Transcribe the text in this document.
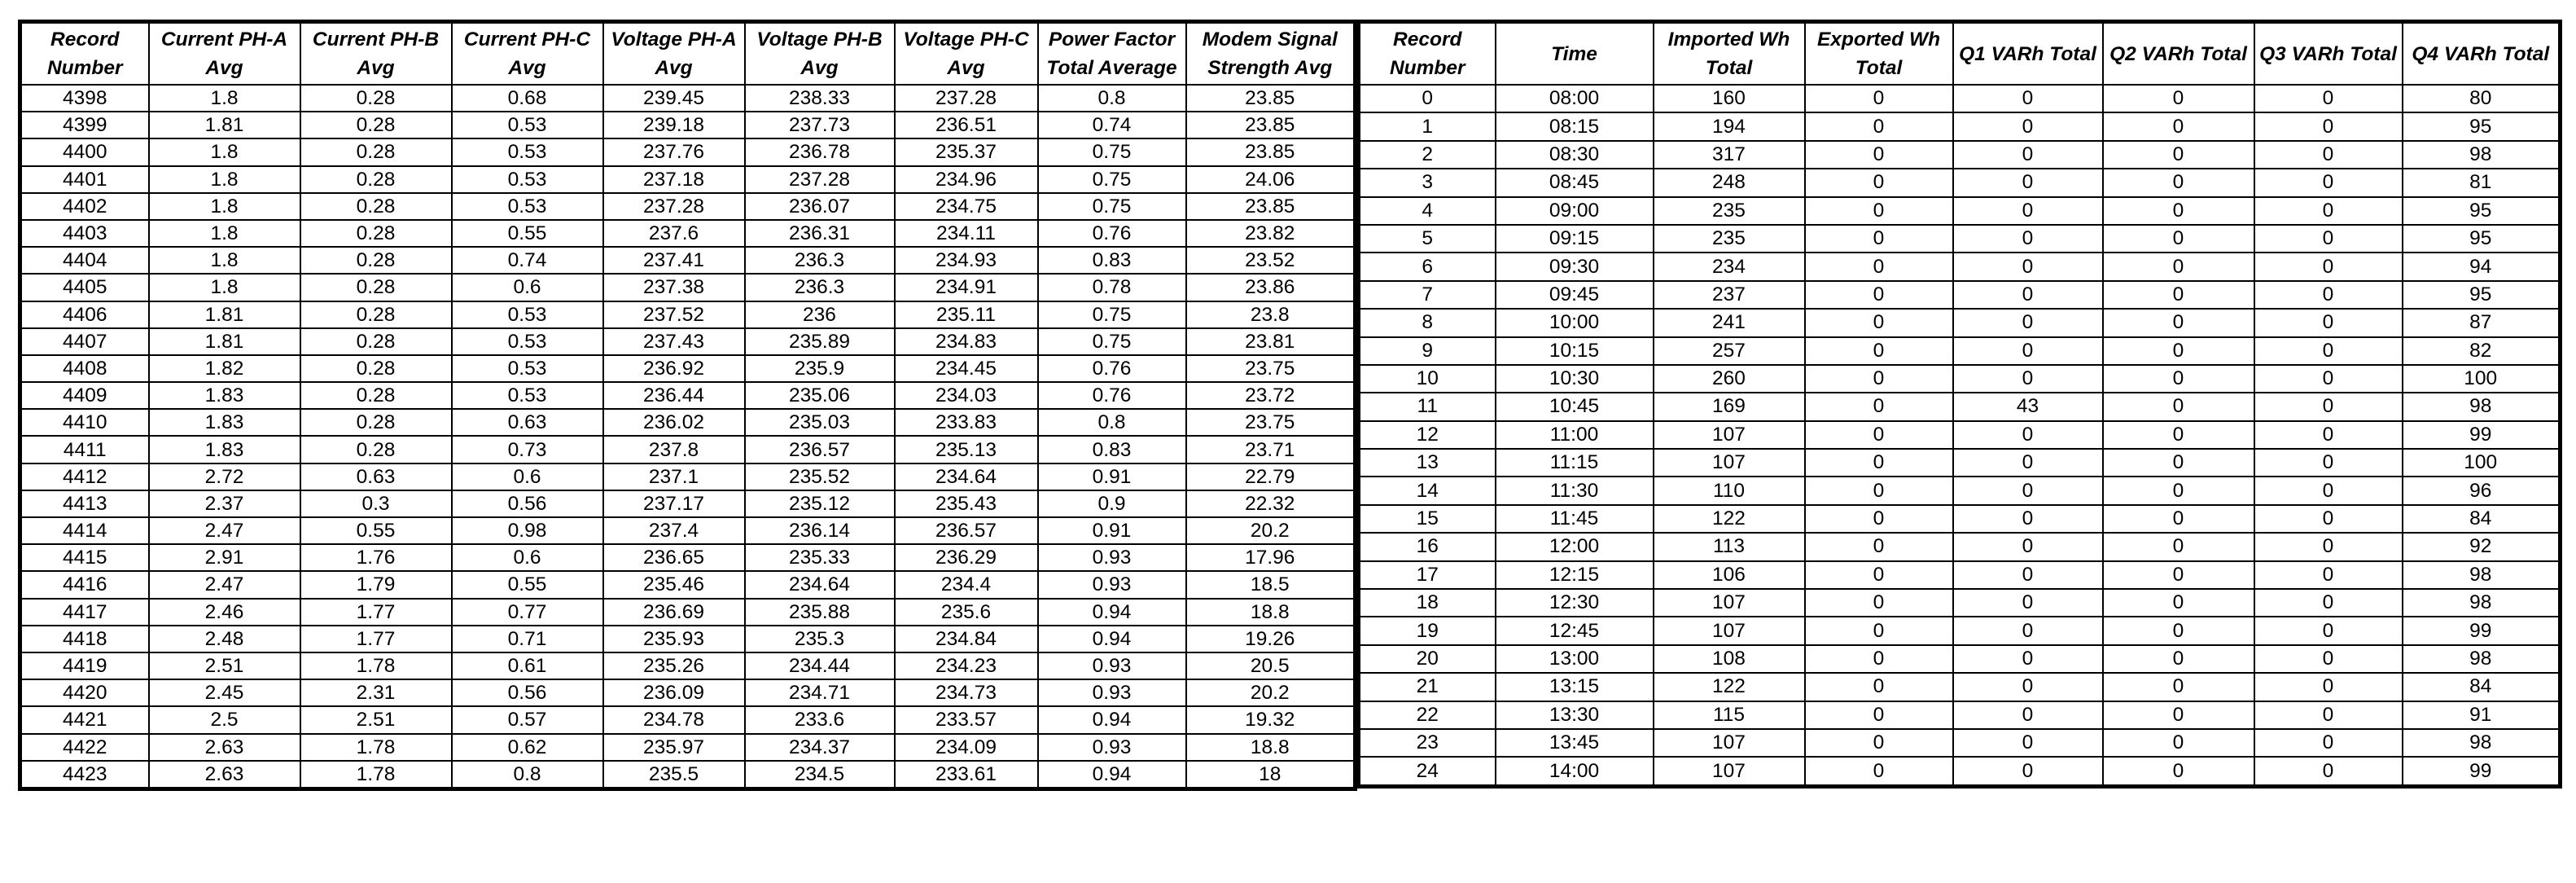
Record Number	Current PH-A Avg	Current PH-B Avg	Current PH-C Avg	Voltage PH-A Avg	Voltage PH-B Avg	Voltage PH-C Avg	Power Factor Total Average	Modem Signal Strength Avg
4398	1.8	0.28	0.68	239.45	238.33	237.28	0.8	23.85
4399	1.81	0.28	0.53	239.18	237.73	236.51	0.74	23.85
4400	1.8	0.28	0.53	237.76	236.78	235.37	0.75	23.85
4401	1.8	0.28	0.53	237.18	237.28	234.96	0.75	24.06
4402	1.8	0.28	0.53	237.28	236.07	234.75	0.75	23.85
4403	1.8	0.28	0.55	237.6	236.31	234.11	0.76	23.82
4404	1.8	0.28	0.74	237.41	236.3	234.93	0.83	23.52
4405	1.8	0.28	0.6	237.38	236.3	234.91	0.78	23.86
4406	1.81	0.28	0.53	237.52	236	235.11	0.75	23.8
4407	1.81	0.28	0.53	237.43	235.89	234.83	0.75	23.81
4408	1.82	0.28	0.53	236.92	235.9	234.45	0.76	23.75
4409	1.83	0.28	0.53	236.44	235.06	234.03	0.76	23.72
4410	1.83	0.28	0.63	236.02	235.03	233.83	0.8	23.75
4411	1.83	0.28	0.73	237.8	236.57	235.13	0.83	23.71
4412	2.72	0.63	0.6	237.1	235.52	234.64	0.91	22.79
4413	2.37	0.3	0.56	237.17	235.12	235.43	0.9	22.32
4414	2.47	0.55	0.98	237.4	236.14	236.57	0.91	20.2
4415	2.91	1.76	0.6	236.65	235.33	236.29	0.93	17.96
4416	2.47	1.79	0.55	235.46	234.64	234.4	0.93	18.5
4417	2.46	1.77	0.77	236.69	235.88	235.6	0.94	18.8
4418	2.48	1.77	0.71	235.93	235.3	234.84	0.94	19.26
4419	2.51	1.78	0.61	235.26	234.44	234.23	0.93	20.5
4420	2.45	2.31	0.56	236.09	234.71	234.73	0.93	20.2
4421	2.5	2.51	0.57	234.78	233.6	233.57	0.94	19.32
4422	2.63	1.78	0.62	235.97	234.37	234.09	0.93	18.8
4423	2.63	1.78	0.8	235.5	234.5	233.61	0.94	18
Record Number	Time	Imported Wh Total	Exported Wh Total	Q1 VARh Total	Q2 VARh Total	Q3 VARh Total	Q4 VARh Total
0	08:00	160	0	0	0	0	80
1	08:15	194	0	0	0	0	95
2	08:30	317	0	0	0	0	98
3	08:45	248	0	0	0	0	81
4	09:00	235	0	0	0	0	95
5	09:15	235	0	0	0	0	95
6	09:30	234	0	0	0	0	94
7	09:45	237	0	0	0	0	95
8	10:00	241	0	0	0	0	87
9	10:15	257	0	0	0	0	82
10	10:30	260	0	0	0	0	100
11	10:45	169	0	43	0	0	98
12	11:00	107	0	0	0	0	99
13	11:15	107	0	0	0	0	100
14	11:30	110	0	0	0	0	96
15	11:45	122	0	0	0	0	84
16	12:00	113	0	0	0	0	92
17	12:15	106	0	0	0	0	98
18	12:30	107	0	0	0	0	98
19	12:45	107	0	0	0	0	99
20	13:00	108	0	0	0	0	98
21	13:15	122	0	0	0	0	84
22	13:30	115	0	0	0	0	91
23	13:45	107	0	0	0	0	98
24	14:00	107	0	0	0	0	99
